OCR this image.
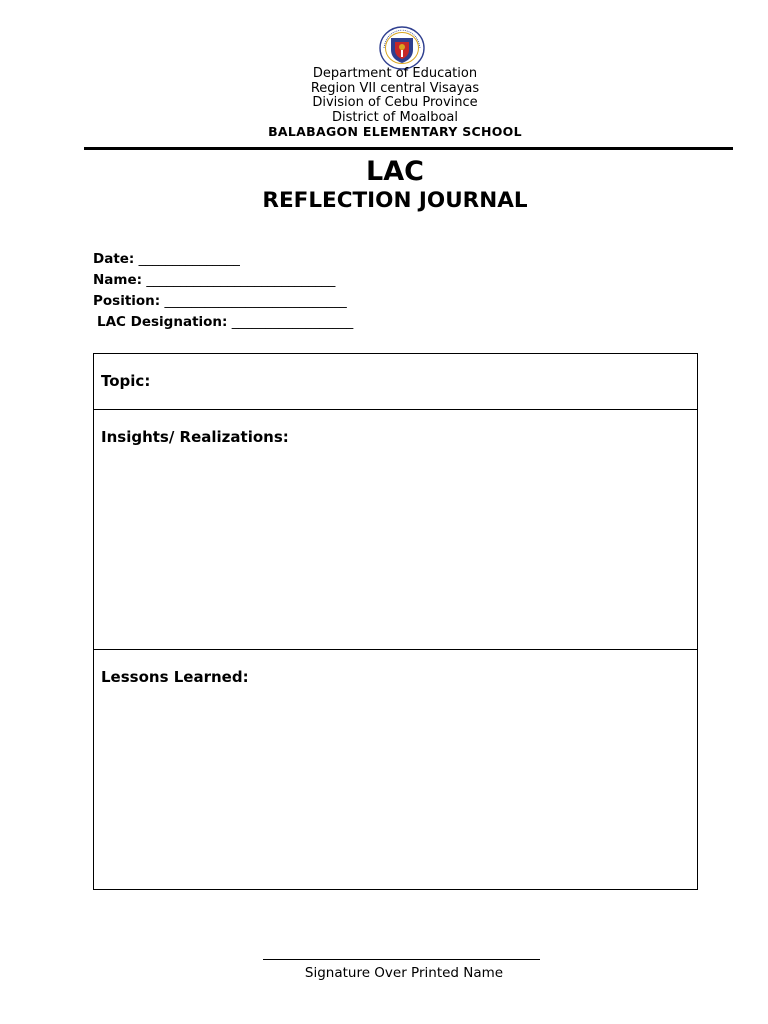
Department of Education
Region VII central Visayas
Division of Cebu Province
District of Moalboal
BALABAGON ELEMENTARY SCHOOL
LAC
REFLECTION JOURNAL
Date: _______________
Name: ____________________________
Position: ___________________________
LAC Designation: __________________
Topic:
Insights/ Realizations:
Lessons Learned:
Signature Over Printed Name
